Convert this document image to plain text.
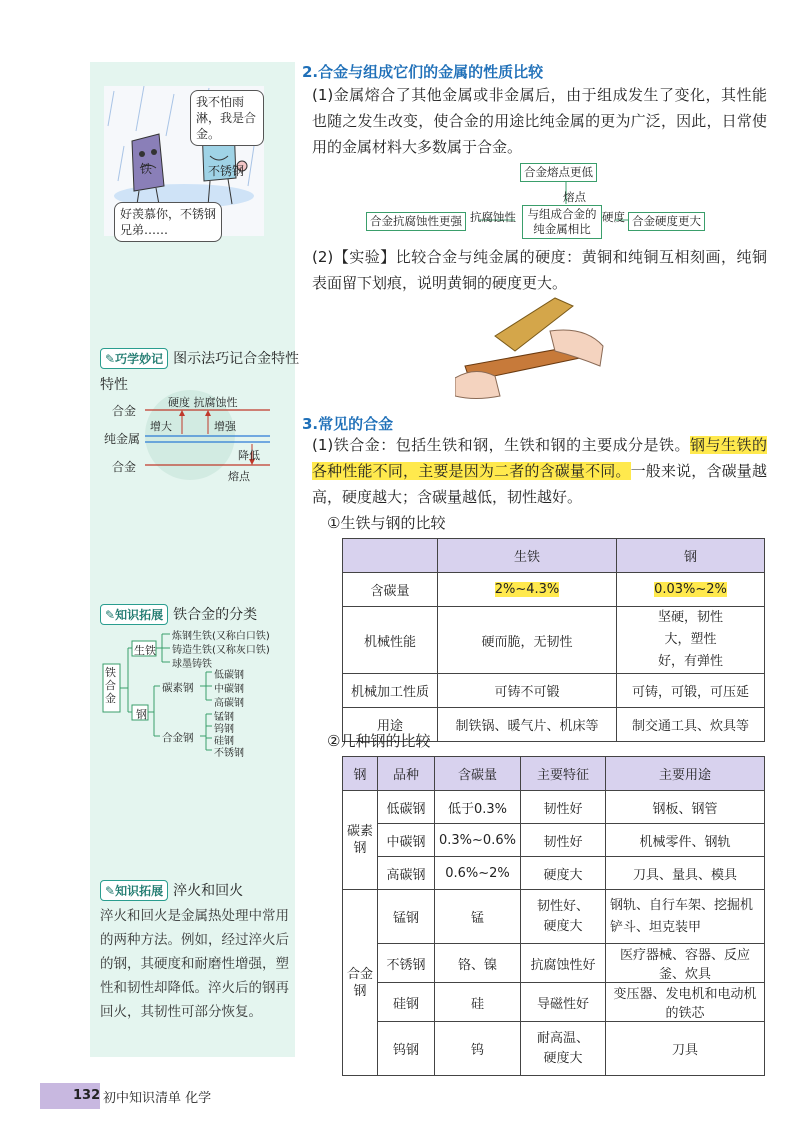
我不怕雨淋，我是合金。
铁	不锈钢
好羡慕你，不锈钢兄弟……
✎巧学妙记 图示法巧记合金特性
特性
合金
硬度 抗腐蚀性
增大	增强
纯金属
合金
降低
熔点
✎知识拓展 铁合金的分类
铁合金
生铁
炼钢生铁(又称白口铁)
铸造生铁(又称灰口铁)
球墨铸铁
钢
碳素钢
低碳钢
中碳钢
高碳钢
合金钢
锰钢
钨钢
硅钢
不锈钢
✎知识拓展 淬火和回火
淬火和回火是金属热处理中常用的两种方法。例如，经过淬火后的钢，其硬度和耐磨性增强，塑性和韧性却降低。淬火后的钢再回火，其韧性可部分恢复。
2.合金与组成它们的金属的性质比较
(1)金属熔合了其他金属或非金属后，由于组成发生了变化，其性能也随之发生改变，使合金的用途比纯金属的更为广泛，因此，日常使用的金属材料大多数属于合金。
合金熔点更低
熔点
合金抗腐蚀性更强 抗腐蚀性	与组成合金的纯金属相比
硬度 合金硬度更大
(2)【实验】比较合金与纯金属的硬度：黄铜和纯铜互相刻画，纯铜表面留下划痕，说明黄铜的硬度更大。
3.常见的合金
(1)铁合金：包括生铁和钢，生铁和钢的主要成分是铁。钢与生铁的各种性能不同，主要是因为二者的含碳量不同。一般来说，含碳量越高，硬度越大；含碳量越低，韧性越好。
①生铁与钢的比较
	生铁	钢
含碳量	2%~4.3%	0.03%~2%
机械性能	硬而脆，无韧性	坚硬，韧性大，塑性好，有弹性
机械加工性质	可铸不可锻	可铸，可锻，可压延
用途	制铁锅、暖气片、机床等	制交通工具、炊具等
②几种钢的比较
钢	品种	含碳量	主要特征	主要用途
碳素钢	低碳钢	低于0.3%	韧性好	钢板、钢管
	中碳钢	0.3%~0.6%	韧性好	机械零件、钢轨
	高碳钢	0.6%~2%	硬度大	刀具、量具、模具
合金钢	锰钢	锰	韧性好、硬度大	钢轨、自行车架、挖掘机铲斗、坦克装甲
	不锈钢	铬、镍	抗腐蚀性好	医疗器械、容器、反应釜、炊具
	硅钢	硅	导磁性好	变压器、发电机和电动机的铁芯
	钨钢	钨	耐高温、硬度大	刀具
132 初中知识清单 化学
